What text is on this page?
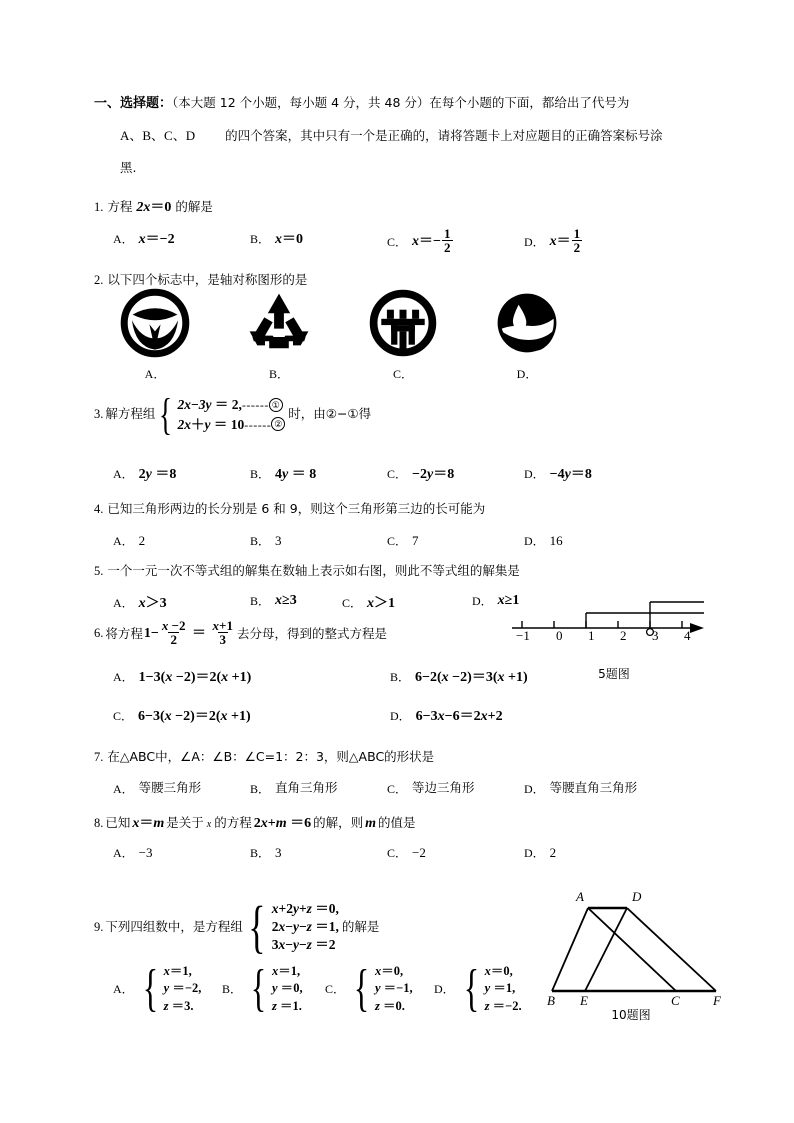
一、选择题：（本大题 12 个小题，每小题 4 分，共 48 分）在每个小题的下面，都给出了代号为
A、B、C、D 的四个答案，其中只有一个是正确的，请将答题卡上对应题目的正确答案标号涂
黑.
1. 方程 2x＝0 的解是
A． x＝−2	B． x＝0	C． $x=- \frac{1}{2}$	D． $x= \frac{1}{2}$
2. 以下四个标志中，是轴对称图形的是
A．	B．	C．	D．
3. 解方程组 { 2x−3y ＝ 2,------ ①
2x＋y ＝ 10------ ②
时，由②−①得
A． 2y ＝8	B． 4y ＝ 8	C． −2y＝8	D． −4y＝8
4. 已知三角形两边的长分别是 6 和 9，则这个三角形第三边的长可能为
A． 2	B． 3	C． 7	D． 16
5. 一个一元一次不等式组的解集在数轴上表示如右图，则此不等式组的解集是
A． x＞3	B． x≥3	C． x＞1	D． x≥1
6. 将方程 $1- \frac{x -2}{2} = \frac{x+1}{3}$ 去分母，得到的整式方程是
A． 1−3(x −2)＝2(x +1)	B． 6−2(x −2)＝3(x +1)
C． 6−3(x −2)＝2(x +1)	D． 6−3x−6＝2x+2
−1 0 1 2 3 4
5题图
7. 在△ABC中，∠A：∠B：∠C=1：2：3，则△ABC的形状是
A． 等腰三角形	B． 直角三角形	C． 等边三角形	D． 等腰直角三角形
8. 已知 x＝m 是关于 x 的方程 2x+m ＝6 的解，则 m 的值是
A． −3	B． 3	C． −2	D． 2
9. 下列四组数中，是方程组 { x+2y+z ＝0,
2x−y−z ＝1,
3x−y−z ＝2
的解是
A． { x＝1,
y ＝−2,
z ＝3.
B． { x＝1,
y ＝0,
z ＝1.
C． { x＝0,
y ＝−1,
z ＝0.
D． { x＝0,
y ＝1,
z ＝−2.
A	D
B E	C	F
10题图
